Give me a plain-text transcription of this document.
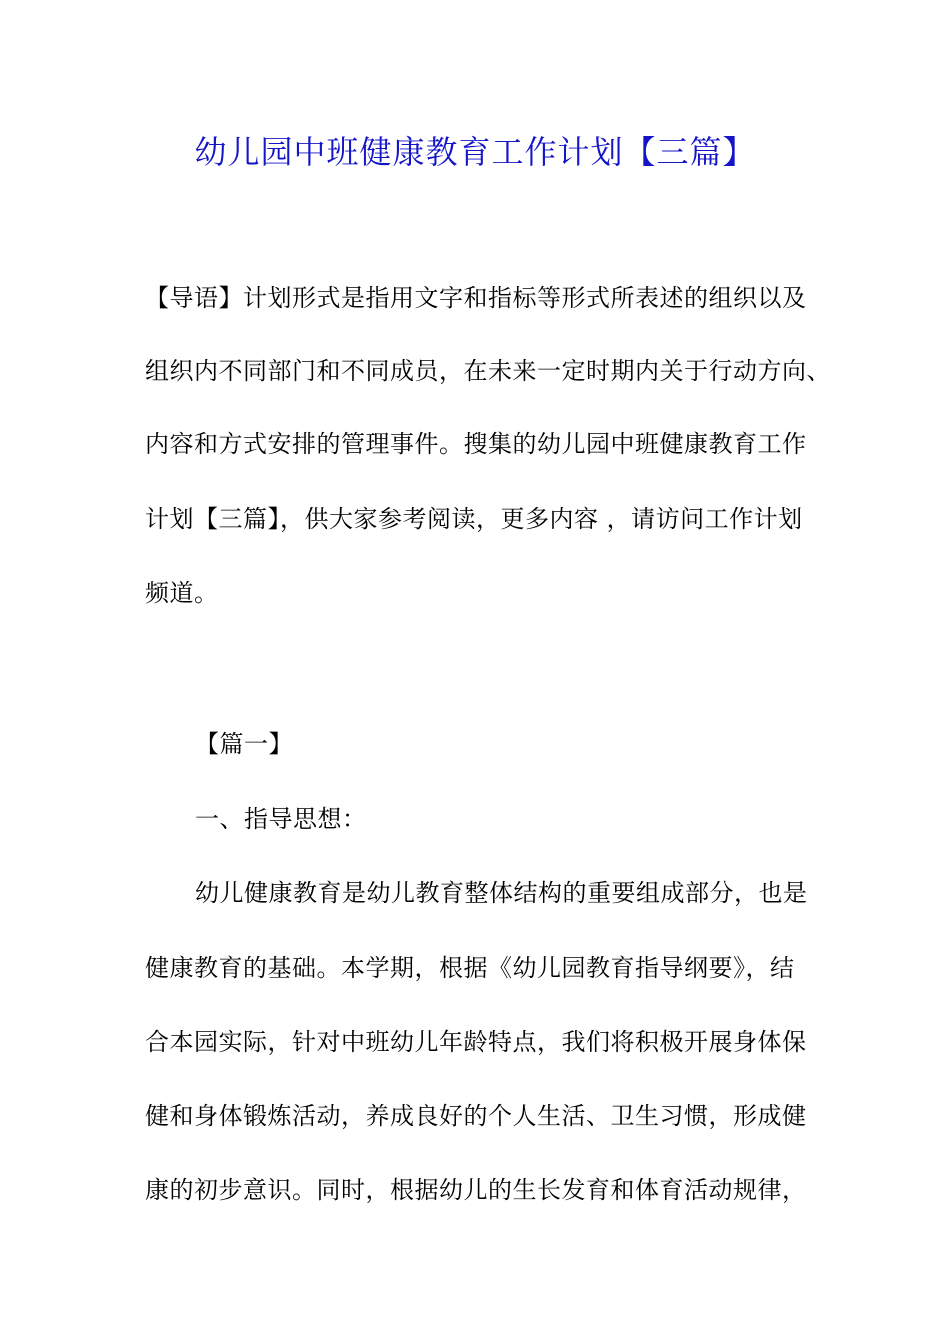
幼儿园中班健康教育工作计划【三篇】
【导语】计划形式是指用文字和指标等形式所表述的组织以及
组织内不同部门和不同成员，在未来一定时期内关于行动方向、
内容和方式安排的管理事件。搜集的幼儿园中班健康教育工作
计划【三篇】，供大家参考阅读，更多内容 ，请访问工作计划
频道。
【篇一】
一、指导思想：
幼儿健康教育是幼儿教育整体结构的重要组成部分，也是
健康教育的基础。本学期，根据《幼儿园教育指导纲要》，结
合本园实际，针对中班幼儿年龄特点，我们将积极开展身体保
健和身体锻炼活动，养成良好的个人生活、卫生习惯，形成健
康的初步意识。同时，根据幼儿的生长发育和体育活动规律，
